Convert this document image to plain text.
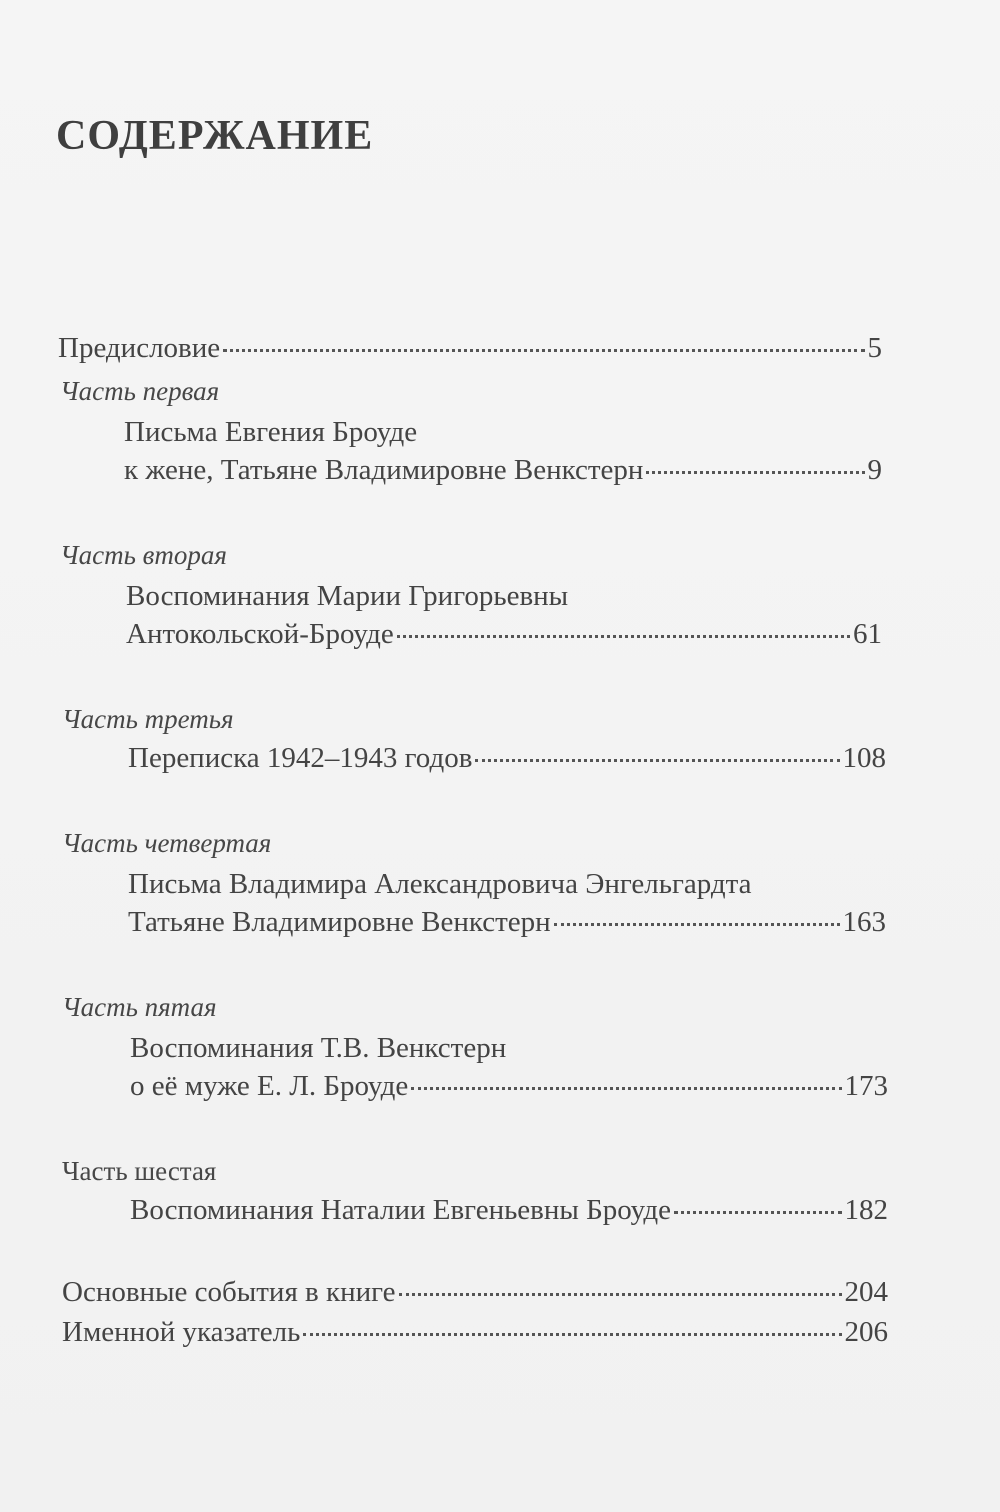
СОДЕРЖАНИЕ
Предисловие	5
Часть первая
Письма Евгения Броуде
к жене, Татьяне Владимировне Венкстерн	9
Часть вторая
Воспоминания Марии Григорьевны
Антокольской-Броуде	61
Часть третья
Переписка 1942–1943 годов	108
Часть четвертая
Письма Владимира Александровича Энгельгардта
Татьяне Владимировне Венкстерн	163
Часть пятая
Воспоминания Т.В. Венкстерн
о её муже Е. Л. Броуде	173
Часть шестая
Воспоминания Наталии Евгеньевны Броуде	182
Основные события в книге	204
Именной указатель	206
